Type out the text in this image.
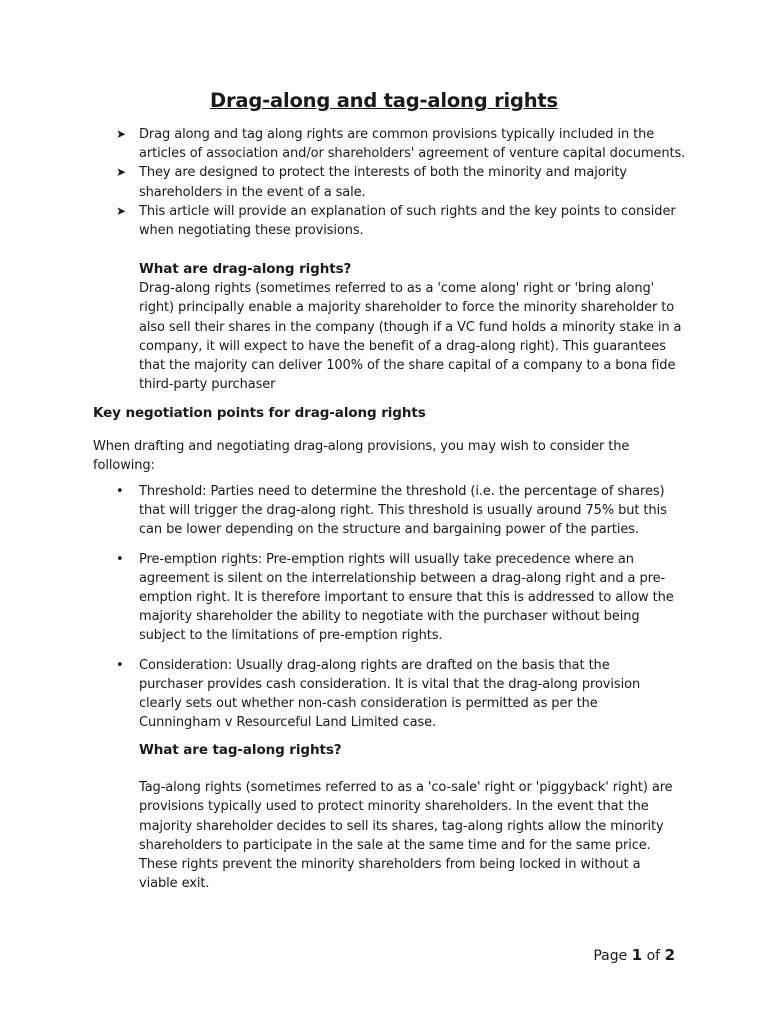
Drag-along and tag-along rights
➤ Drag along and tag along rights are common provisions typically included in the articles of association and/or shareholders' agreement of venture capital documents.
➤ They are designed to protect the interests of both the minority and majority shareholders in the event of a sale.
➤ This article will provide an explanation of such rights and the key points to consider when negotiating these provisions.
What are drag-along rights?

Drag-along rights (sometimes referred to as a 'come along' right or 'bring along' right) principally enable a majority shareholder to force the minority shareholder to also sell their shares in the company (though if a VC fund holds a minority stake in a company, it will expect to have the benefit of a drag-along right). This guarantees that the majority can deliver 100% of the share capital of a company to a bona fide third-party purchaser

Key negotiation points for drag-along rights

When drafting and negotiating drag-along provisions, you may wish to consider the following:

• Threshold: Parties need to determine the threshold (i.e. the percentage of shares) that will trigger the drag-along right. This threshold is usually around 75% but this can be lower depending on the structure and bargaining power of the parties.
• Pre-emption rights: Pre-emption rights will usually take precedence where an agreement is silent on the interrelationship between a drag-along right and a pre-emption right. It is therefore important to ensure that this is addressed to allow the majority shareholder the ability to negotiate with the purchaser without being subject to the limitations of pre-emption rights.
• Consideration: Usually drag-along rights are drafted on the basis that the purchaser provides cash consideration. It is vital that the drag-along provision clearly sets out whether non-cash consideration is permitted as per the Cunningham v Resourceful Land Limited case.
What are tag-along rights?

Tag-along rights (sometimes referred to as a 'co-sale' right or 'piggyback' right) are provisions typically used to protect minority shareholders. In the event that the majority shareholder decides to sell its shares, tag-along rights allow the minority shareholders to participate in the sale at the same time and for the same price. These rights prevent the minority shareholders from being locked in without a viable exit.

Page 1 of 2
